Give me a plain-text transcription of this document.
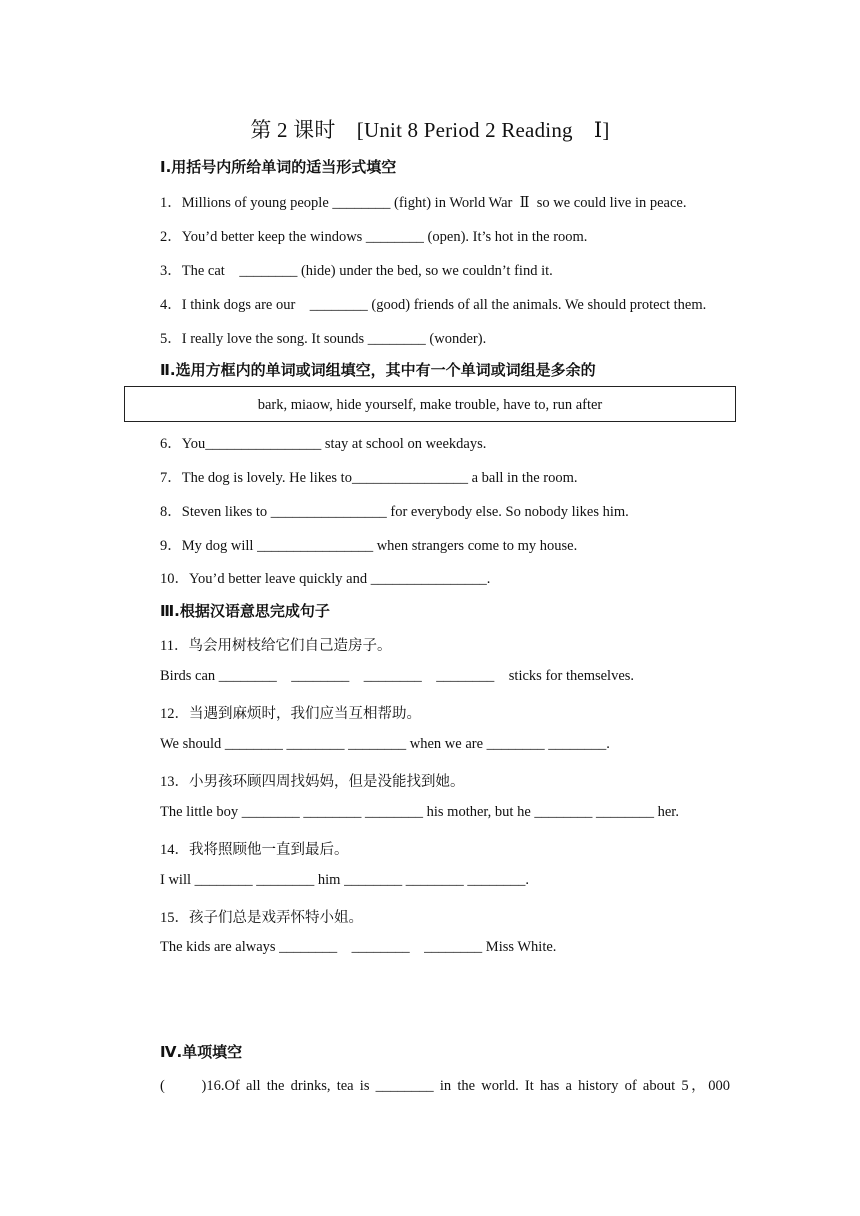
第 2 课时　[Unit 8 Period 2 Reading　Ⅰ]
Ⅰ.用括号内所给单词的适当形式填空
1．Millions of young people ________ (fight) in World War  Ⅱ  so we could live in peace.
2．You’d better keep the windows ________ (open). It’s hot in the room.
3．The cat    ________ (hide) under the bed, so we couldn’t find it.
4．I think dogs are our    ________ (good) friends of all the animals. We should protect them.
5．I really love the song. It sounds ________ (wonder).
Ⅱ.选用方框内的单词或词组填空，其中有一个单词或词组是多余的
bark, miaow, hide yourself, make trouble, have to, run after
6．You________________ stay at school on weekdays.
7．The dog is lovely. He likes to________________ a ball in the room.
8．Steven likes to ________________ for everybody else. So nobody likes him.
9．My dog will ________________ when strangers come to my house.
10．You’d better leave quickly and ________________.
Ⅲ.根据汉语意思完成句子
11．鸟会用树枝给它们自己造房子。
Birds can ________    ________    ________    ________    sticks for themselves.
12．当遇到麻烦时，我们应当互相帮助。
We should ________ ________ ________ when we are ________ ________.
13．小男孩环顾四周找妈妈，但是没能找到她。
The little boy ________ ________ ________ his mother, but he ________ ________ her.
14．我将照顾他一直到最后。
I will ________ ________ him ________ ________ ________.
15．孩子们总是戏弄怀特小姐。
The kids are always ________    ________    ________ Miss White.
Ⅳ.单项填空
(　　)16.Of all the drinks, tea is ________ in the world. It has a history of about 5，000
